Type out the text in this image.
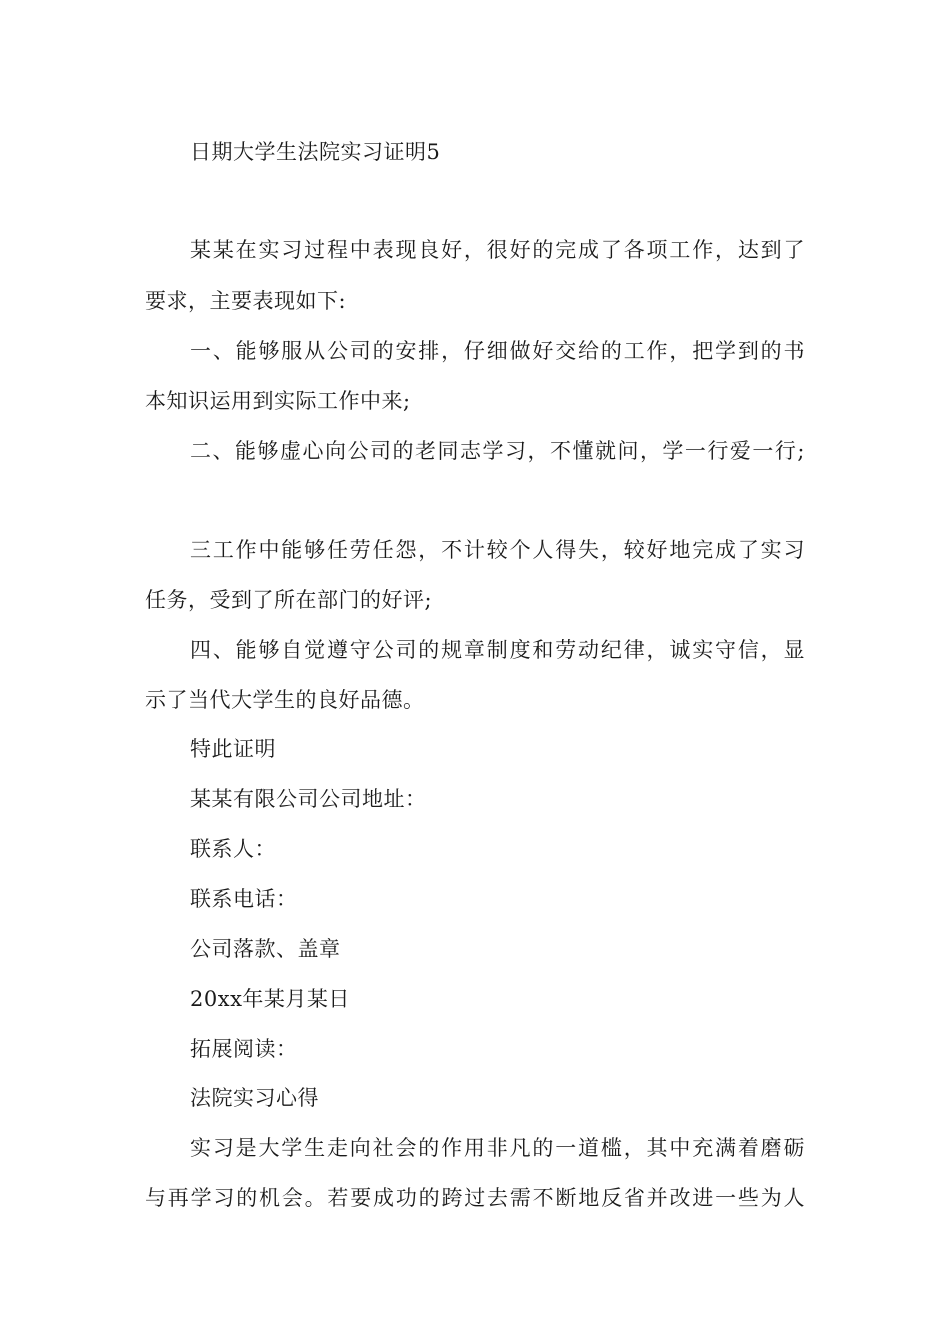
日期大学生法院实习证明5
某某在实习过程中表现良好，很好的完成了各项工作，达到了
要求，主要表现如下:
一、能够服从公司的安排，仔细做好交给的工作，把学到的书
本知识运用到实际工作中来;
二、能够虚心向公司的老同志学习，不懂就问，学一行爱一行;
三工作中能够任劳任怨，不计较个人得失，较好地完成了实习
任务，受到了所在部门的好评;
四、能够自觉遵守公司的规章制度和劳动纪律，诚实守信，显
示了当代大学生的良好品德。
特此证明
某某有限公司公司地址：
联系人：
联系电话：
公司落款、盖章
20xx年某月某日
拓展阅读：
法院实习心得
实习是大学生走向社会的作用非凡的一道槛，其中充满着磨砺
与再学习的机会。若要成功的跨过去需不断地反省并改进一些为人
